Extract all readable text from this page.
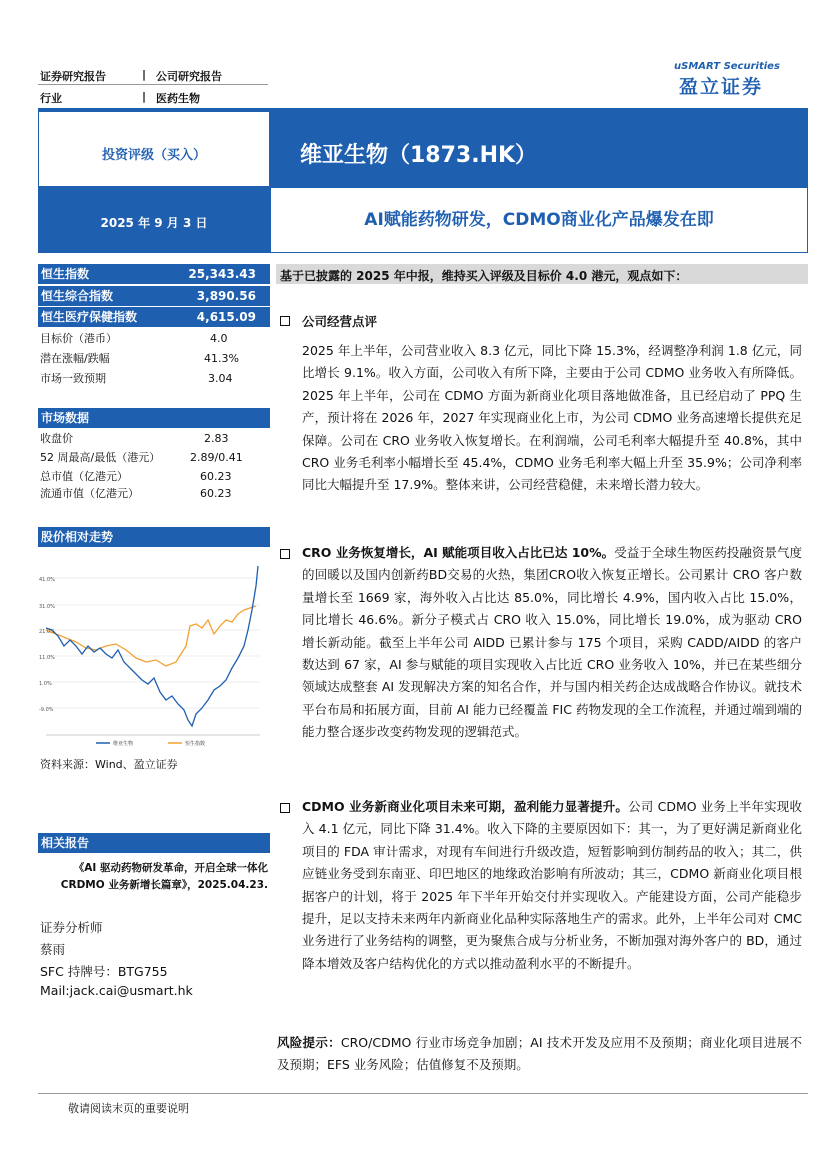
证券研究报告	| 公司研究报告
行业	| 医药生物
uSMART Securities
盈立证券
投资评级（买入）	维亚生物（1873.HK）
2025 年 9 月 3 日	AI赋能药物研发，CDMO商业化产品爆发在即
恒生指数	25,343.43
恒生综合指数	3,890.56
恒生医疗保健指数	4,615.09
目标价（港币）	4.0
潜在涨幅/跌幅	41.3%
市场一致预期	3.04
市场数据
收盘价	2.83
52 周最高/最低（港元）	2.89/0.41
总市值（亿港元）	60.23
流通市值（亿港元）	60.23
股价相对走势
41.0%
31.0%
21.0%
11.0%
1.0%
-9.0%
维亚生物	恒生指数
资料来源：Wind、盈立证券
相关报告
《AI 驱动药物研发革命，开启全球一体化 CRDMO 业务新增长篇章》，2025.04.23.
证券分析师
蔡雨
SFC 持牌号：BTG755
Mail:jack.cai@usmart.hk
基于已披露的 2025 年中报，维持买入评级及目标价 4.0 港元，观点如下：
公司经营点评
2025 年上半年，公司营业收入 8.3 亿元，同比下降 15.3%，经调整净利润 1.8 亿元，同比增长 9.1%。收入方面，公司收入有所下降，主要由于公司 CDMO 业务收入有所降低。2025 年上半年，公司在 CDMO 方面为新商业化项目落地做准备，且已经启动了 PPQ 生产，预计将在 2026 年，2027 年实现商业化上市，为公司 CDMO 业务高速增长提供充足保障。公司在 CRO 业务收入恢复增长。在利润端，公司毛利率大幅提升至 40.8%，其中 CRO 业务毛利率小幅增长至 45.4%，CDMO 业务毛利率大幅上升至 35.9%；公司净利率同比大幅提升至 17.9%。整体来讲，公司经营稳健，未来增长潜力较大。
CRO 业务恢复增长，AI 赋能项目收入占比已达 10%。受益于全球生物医药投融资景气度的回暖以及国内创新药BD交易的火热，集团CRO收入恢复正增长。公司累计 CRO 客户数量增长至 1669 家，海外收入占比达 85.0%，同比增长 4.9%，国内收入占比 15.0%，同比增长 46.6%。新分子模式占 CRO 收入 15.0%，同比增长 19.0%，成为驱动 CRO 增长新动能。截至上半年公司 AIDD 已累计参与 175 个项目，采购 CADD/AIDD 的客户数达到 67 家，AI 参与赋能的项目实现收入占比近 CRO 业务收入 10%，并已在某些细分领域达成整套 AI 发现解决方案的知名合作，并与国内相关药企达成战略合作协议。就技术平台布局和拓展方面，目前 AI 能力已经覆盖 FIC 药物发现的全工作流程，并通过端到端的能力整合逐步改变药物发现的逻辑范式。
CDMO 业务新商业化项目未来可期，盈利能力显著提升。公司 CDMO 业务上半年实现收入 4.1 亿元，同比下降 31.4%。收入下降的主要原因如下：其一，为了更好满足新商业化项目的 FDA 审计需求，对现有车间进行升级改造，短暂影响到仿制药品的收入；其二，供应链业务受到东南亚、印巴地区的地缘政治影响有所波动；其三，CDMO 新商业化项目根据客户的计划，将于 2025 年下半年开始交付并实现收入。产能建设方面，公司产能稳步提升，足以支持未来两年内新商业化品种实际落地生产的需求。此外，上半年公司对 CMC 业务进行了业务结构的调整，更为聚焦合成与分析业务，不断加强对海外客户的 BD，通过降本增效及客户结构优化的方式以推动盈利水平的不断提升。
风险提示：CRO/CDMO 行业市场竞争加剧；AI 技术开发及应用不及预期；商业化项目进展不及预期；EFS 业务风险；估值修复不及预期。
敬请阅读末页的重要说明
